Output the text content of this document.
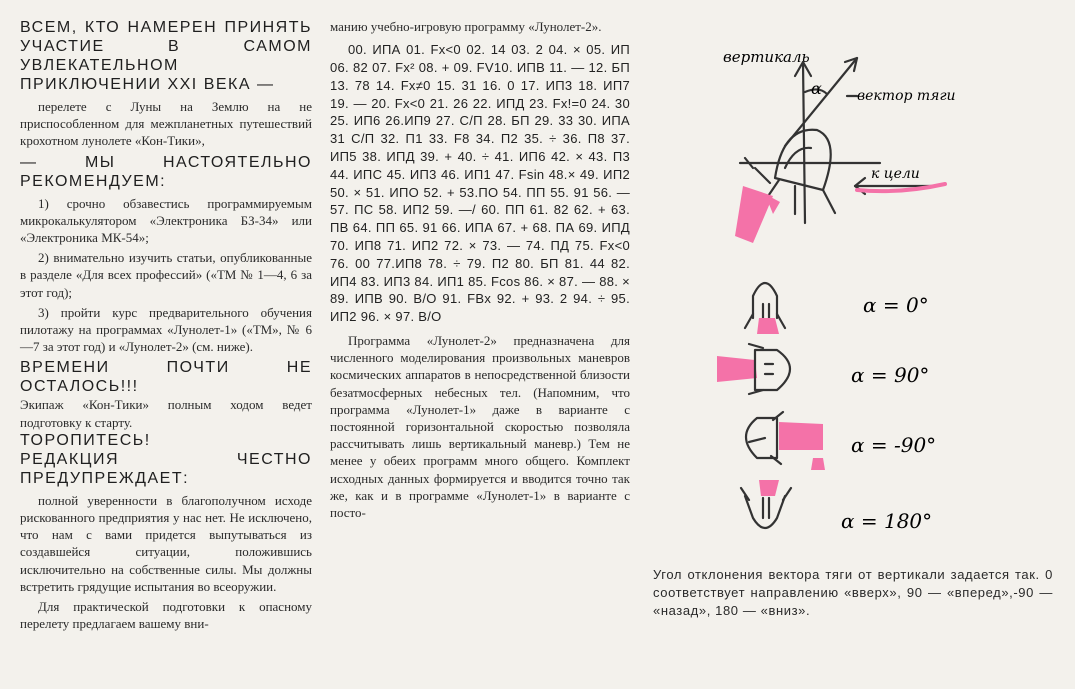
ВСЕМ, КТО НАМЕРЕН ПРИНЯТЬ УЧАСТИЕ В САМОМ УВЛЕКАТЕЛЬНОМ ПРИКЛЮЧЕНИИ XXI ВЕКА —

перелете с Луны на Землю на не приспособленном для межпланетных путешествий крохотном лунолете «Кон-Тики»,

— МЫ НАСТОЯТЕЛЬНО РЕКОМЕНДУЕМ:

1) срочно обзавестись программируемым микрокалькулятором «Электроника БЗ-34» или «Электроника МК-54»;

2) внимательно изучить статьи, опубликованные в разделе «Для всех профессий» («ТМ № 1—4, 6 за этот год);

3) пройти курс предварительного обучения пилотажу на программах «Лунолет-1» («ТМ», № 6—7 за этот год) и «Лунолет-2» (см. ниже).

ВРЕМЕНИ ПОЧТИ НЕ ОСТАЛОСЬ!!!

Экипаж «Кон-Тики» полным ходом ведет подготовку к старту.

ТОРОПИТЕСЬ!

РЕДАКЦИЯ ЧЕСТНО ПРЕДУПРЕЖДАЕТ:

полной уверенности в благополучном исходе рискованного предприятия у нас нет. Не исключено, что нам с вами придется выпутываться из создавшейся ситуации, положившись исключительно на собственные силы. Мы должны встретить грядущие испытания во всеоружии.

Для практической подготовки к опасному перелету предлагаем вашему вни-

манию учебно-игровую программу «Лунолет-2».

00. ИПА 01. Fx<0 02. 14 03. 2 04. × 05. ИП 06. 82 07. Fx² 08. + 09. FV10. ИПВ 11. — 12. БП 13. 78 14. Fx≠0 15. 31 16. 0 17. ИП3 18. ИП7 19. — 20. Fx<0 21. 26 22. ИПД 23. Fx!=0 24. 30 25. ИП6 26.ИП9 27. С/П 28. БП 29. 33 30. ИПА 31 С/П 32. П1 33. F8 34. П2 35. ÷ 36. П8 37. ИП5 38. ИПД 39. + 40. ÷ 41. ИП6 42. × 43. П3 44. ИПС 45. ИП3 46. ИП1 47. Fsin 48.× 49. ИП2 50. × 51. ИПО 52. + 53.ПО 54. ПП 55. 91 56. — 57. ПС 58. ИП2 59. —/ 60. ПП 61. 82 62. + 63. ПВ 64. ПП 65. 91 66. ИПА 67. + 68. ПА 69. ИПД 70. ИП8 71. ИП2 72. × 73. — 74. ПД 75. Fx<0 76. 00 77.ИП8 78. ÷ 79. П2 80. БП 81. 44 82. ИП4 83. ИП3 84. ИП1 85. Fcos 86. × 87. — 88. × 89. ИПВ 90. В/О 91. FBx 92. + 93. 2 94. ÷ 95. ИП2 96. × 97. В/О

Программа «Лунолет-2» предназначена для численного моделирования произвольных маневров космических аппаратов в непосредственной близости безатмосферных небесных тел. (Напомним, что программа «Лунолет-1» даже в варианте с постоянной горизонтальной скоростью позволяла рассчитывать лишь вертикальный маневр.) Тем не менее у обеих программ много общего. Комплект исходных данных формируется и вводится точно так же, как и в программе «Лунолет-1» в варианте с посто-

вертикаль
α	вектор тяги
к цели
α = 0°
α = 90°
α = -90°
α = 180°
Угол отклонения вектора тяги от вертикали задается так. 0 соответствует направлению «вверх», 90 — «вперед»,-90 — «назад», 180 — «вниз».
